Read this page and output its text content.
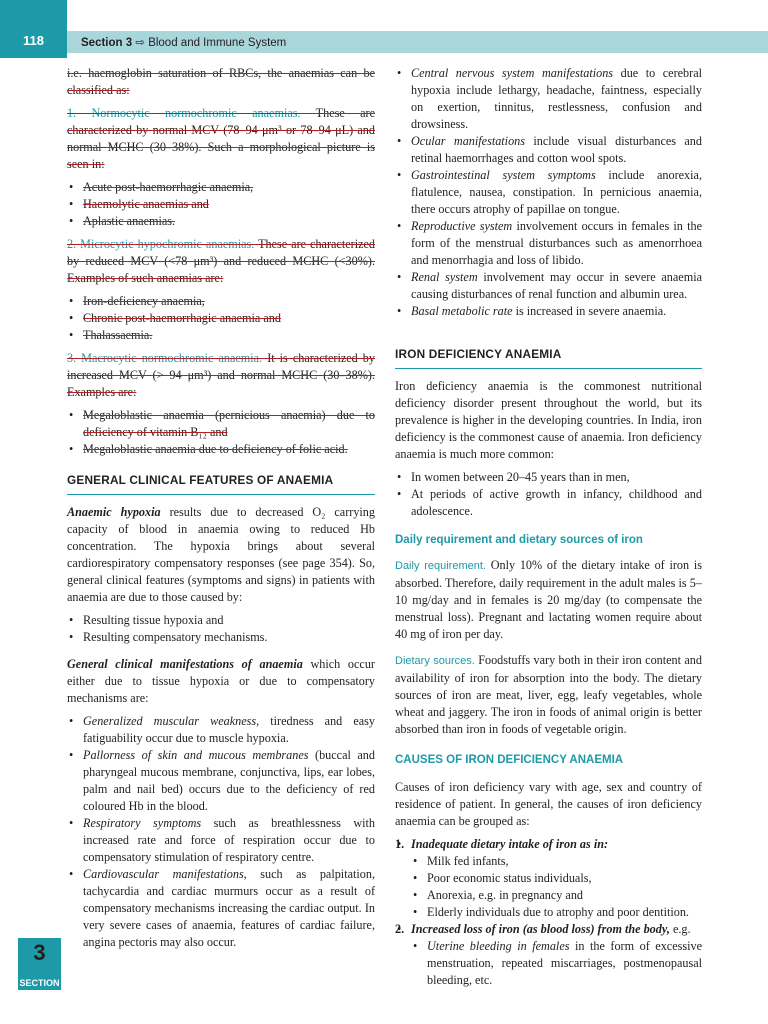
118	Section 3 ⇨ Blood and Immune System
3
SECTION

i.e. haemoglobin saturation of RBCs, the anaemias can be classified as:

1. Normocytic normochromic anaemias. These are characterized by normal MCV (78–94 μm³ or 78–94 μL) and normal MCHC (30–38%). Such a morphological picture is seen in:

• Acute post-haemorrhagic anaemia,
• Haemolytic anaemias and
• Aplastic anaemias.

2. Microcytic hypochromic anaemias. These are characterized by reduced MCV (<78 μm³) and reduced MCHC (<30%). Examples of such anaemias are:

• Iron-deficiency anaemia,
• Chronic post-haemorrhagic anaemia and
• Thalassaemia.

3. Macrocytic normochromic anaemia. It is characterized by increased MCV (> 94 μm³) and normal MCHC (30–38%). Examples are:

• Megaloblastic anaemia (pernicious anaemia) due to deficiency of vitamin B₁₂ and
• Megaloblastic anaemia due to deficiency of folic acid.
GENERAL CLINICAL FEATURES OF ANAEMIA

Anaemic hypoxia results due to decreased O₂ carrying capacity of blood in anaemia owing to reduced Hb concentration. The hypoxia brings about several cardiorespiratory compensatory responses (see page 354). So, general clinical features (symptoms and signs) in patients with anaemia are due to those caused by:

• Resulting tissue hypoxia and
• Resulting compensatory mechanisms.

General clinical manifestations of anaemia which occur either due to tissue hypoxia or due to compensatory mechanisms are:

• Generalized muscular weakness, tiredness and easy fatiguability occur due to muscle hypoxia.
• Pallorness of skin and mucous membranes (buccal and pharyngeal mucous membrane, conjunctiva, lips, ear lobes, palm and nail bed) occurs due to the deficiency of red coloured Hb in the blood.
• Respiratory symptoms such as breathlessness with increased rate and force of respiration occur due to compensatory stimulation of respiratory centre.
• Cardiovascular manifestations, such as palpitation, tachycardia and cardiac murmurs occur as a result of compensatory mechanisms increasing the cardiac output. In very severe cases of anaemia, features of cardiac failure, angina pectoris may also occur.
• Central nervous system manifestations due to cerebral hypoxia include lethargy, headache, faintness, especially on exertion, tinnitus, restlessness, confusion and drowsiness.
• Ocular manifestations include visual disturbances and retinal haemorrhages and cotton wool spots.
• Gastrointestinal system symptoms include anorexia, flatulence, nausea, constipation. In pernicious anaemia, there occurs atrophy of papillae on tongue.
• Reproductive system involvement occurs in females in the form of the menstrual disturbances such as amenorrhoea and menorrhagia and loss of libido.
• Renal system involvement may occur in severe anaemia causing disturbances of renal function and albumin urea.
• Basal metabolic rate is increased in severe anaemia.
IRON DEFICIENCY ANAEMIA

Iron deficiency anaemia is the commonest nutritional deficiency disorder present throughout the world, but its prevalence is higher in the developing countries. In India, iron deficiency is the commonest cause of anaemia. Iron deficiency anaemia is much more common:

• In women between 20–45 years than in men,
• At periods of active growth in infancy, childhood and adolescence.
Daily requirement and dietary sources of iron

Daily requirement. Only 10% of the dietary intake of iron is absorbed. Therefore, daily requirement in the adult males is 5–10 mg/day and in females is 20 mg/day (to compensate the menstrual loss). Pregnant and lactating women require about 40 mg of iron per day.

Dietary sources. Foodstuffs vary both in their iron content and availability of iron for absorption into the body. The dietary sources of iron are meat, liver, egg, leafy vegetables, whole wheat and jaggery. The iron in foods of animal origin is better absorbed than iron in foods of vegetable origin.

CAUSES OF IRON DEFICIENCY ANAEMIA

Causes of iron deficiency vary with age, sex and country of residence of patient. In general, the causes of iron deficiency anaemia can be grouped as:

• 1. Inadequate dietary intake of iron as in:
• Milk fed infants,
• Poor economic status individuals,
• Anorexia, e.g. in pregnancy and
• Elderly individuals due to atrophy and poor dentition.
• 2. Increased loss of iron (as blood loss) from the body, e.g.
• Uterine bleeding in females in the form of excessive menstruation, repeated miscarriages, postmenopausal bleeding, etc.
